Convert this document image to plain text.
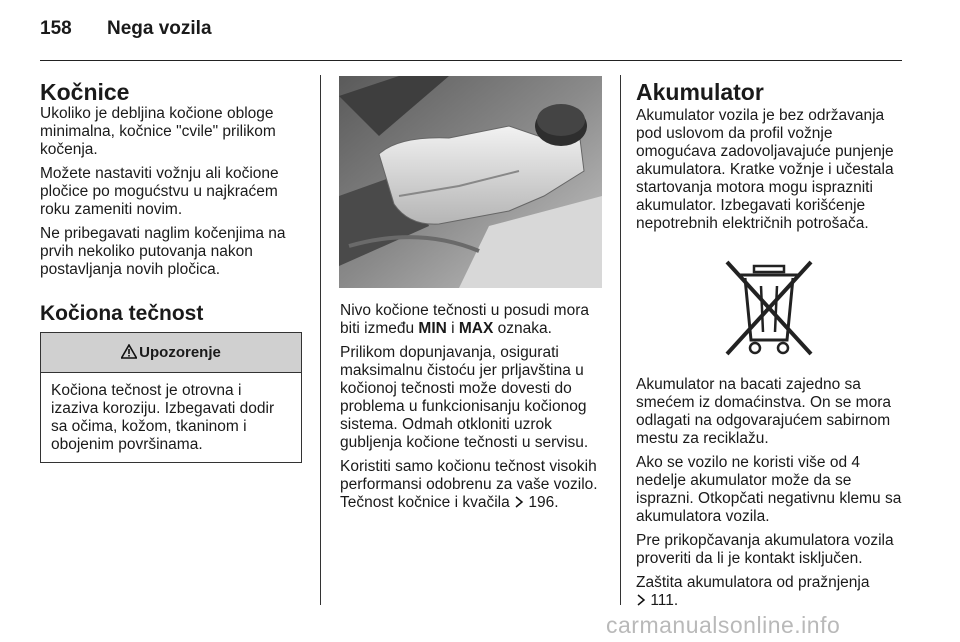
158 Nega vozila
Kočnice

Ukoliko je debljina kočione obloge minimalna, kočnice "cvile" prilikom kočenja.

Možete nastaviti vožnju ali kočione pločice po mogućstvu u najkraćem roku zameniti novim.

Ne pribegavati naglim kočenjima na prvih nekoliko putovanja nakon postavljanja novih pločica.

Kočiona tečnost
Upozorenje
Kočiona tečnost je otrovna i izaziva koroziju. Izbegavati dodir sa očima, kožom, tkaninom i obojenim površinama.

Nivo kočione tečnosti u posudi mora biti između MIN i MAX oznaka.

Prilikom dopunjavanja, osigurati maksimalnu čistoću jer prljavština u kočionoj tečnosti može dovesti do problema u funkcionisanju kočionog sistema. Odmah otkloniti uzrok gubljenja kočione tečnosti u servisu.

Koristiti samo kočionu tečnost visokih performansi odobrenu za vaše vozilo. Tečnost kočnice i kvačila 196.

Akumulator

Akumulator vozila je bez održavanja pod uslovom da profil vožnje omogućava zadovoljavajuće punjenje akumulatora. Kratke vožnje i učestala startovanja motora mogu isprazniti akumulator. Izbegavati korišćenje nepotrebnih električnih potrošača.

Akumulator na bacati zajedno sa smećem iz domaćinstva. On se mora odlagati na odgovarajućem sabirnom mestu za reciklažu.

Ako se vozilo ne koristi više od 4 nedelje akumulator može da se isprazni. Otkopčati negativnu klemu sa akumulatora vozila.

Pre prikopčavanja akumulatora vozila proveriti da li je kontakt isključen.

Zaštita akumulatora od pražnjenja
111.

carmanualsonline.info
